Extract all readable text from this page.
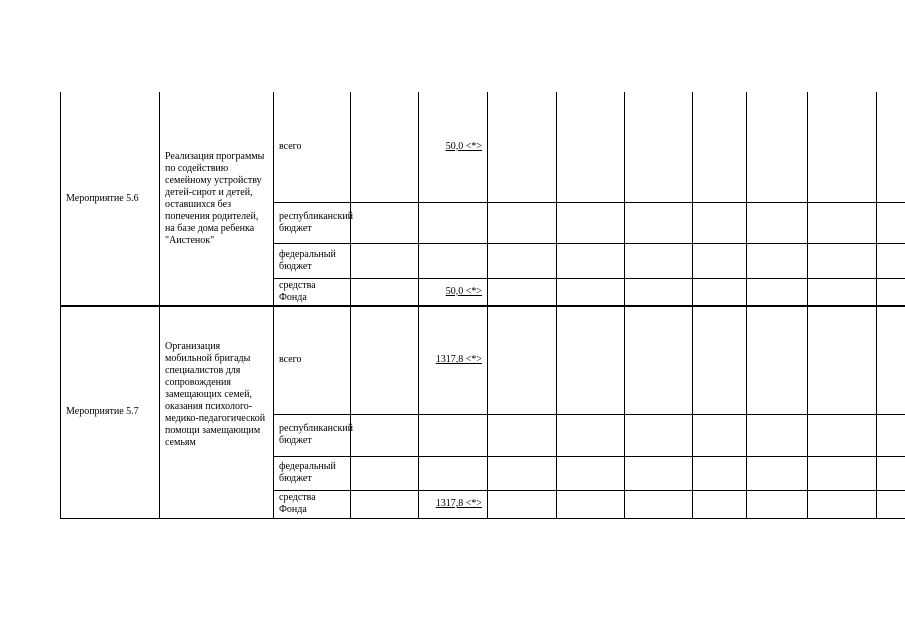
Мероприятие 5.6	Реализация программы по содействию семейному устройству детей-сирот и детей, оставшихся без попечения родителей, на базе дома ребенка "Аистенок"	всего		50,0 <*>							
		республиканский бюджет									
		федеральный бюджет									
		средства Фонда		50,0 <*>							
Мероприятие 5.7	Организация мобильной бригады специалистов для сопровождения замещающих семей, оказания психолого-медико-педагогической помощи замещающим семьям	всего		1317,8 <*>							
		республиканский бюджет									
		федеральный бюджет									
		средства Фонда		1317,8 <*>							
